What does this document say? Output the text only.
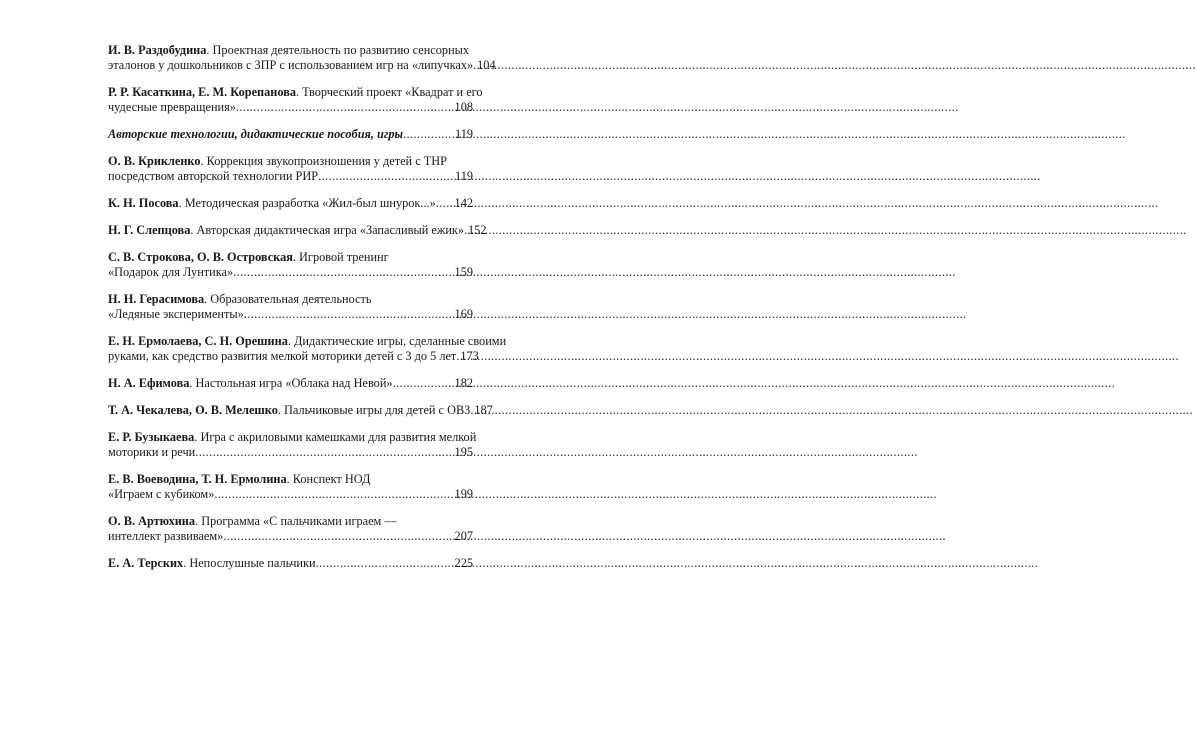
И. В. Раздобудина. Проектная деятельность по развитию сенсорных
эталонов у дошкольников с ЗПР с использованием игр на «липучках» ..... 104
Р. Р. Касаткина, Е. М. Корепанова. Творческий проект «Квадрат и его
чудесные превращения» .....	108
Авторские технологии, дидактические пособия, игры .....	119
О. В. Крикленко. Коррекция звукопроизношения у детей с ТНР
посредством авторской технологии РИР .....	119
К. Н. Посова. Методическая разработка «Жил-был шнурок...» ..... 142
Н. Г. Слепцова. Авторская дидактическая игра «Запасливый ежик» ..... 152
С. В. Строкова, О. В. Островская. Игровой тренинг
«Подарок для Лунтика» .....	159
Н. Н. Герасимова. Образовательная деятельность
«Ледяные эксперименты» .....	169
Е. Н. Ермолаева, С. Н. Орешина. Дидактические игры, сделанные своими
руками, как средство развития мелкой моторики детей с 3 до 5 лет ..... 173
Н. А. Ефимова. Настольная игра «Облака над Невой» .....	182
Т. А. Чекалева, О. В. Мелешко. Пальчиковые игры для детей с ОВЗ ..... 187
Е. Р. Бузыкаева. Игра с акриловыми камешками для развития мелкой
моторики и речи .....	195
Е. В. Воеводина, Т. Н. Ермолина. Конспект НОД
«Играем с кубиком» .....	199
О. В. Артюхина. Программа «С пальчиками играем —
интеллект развиваем» .....	207
Е. А. Терских. Непослушные пальчики .....	225
